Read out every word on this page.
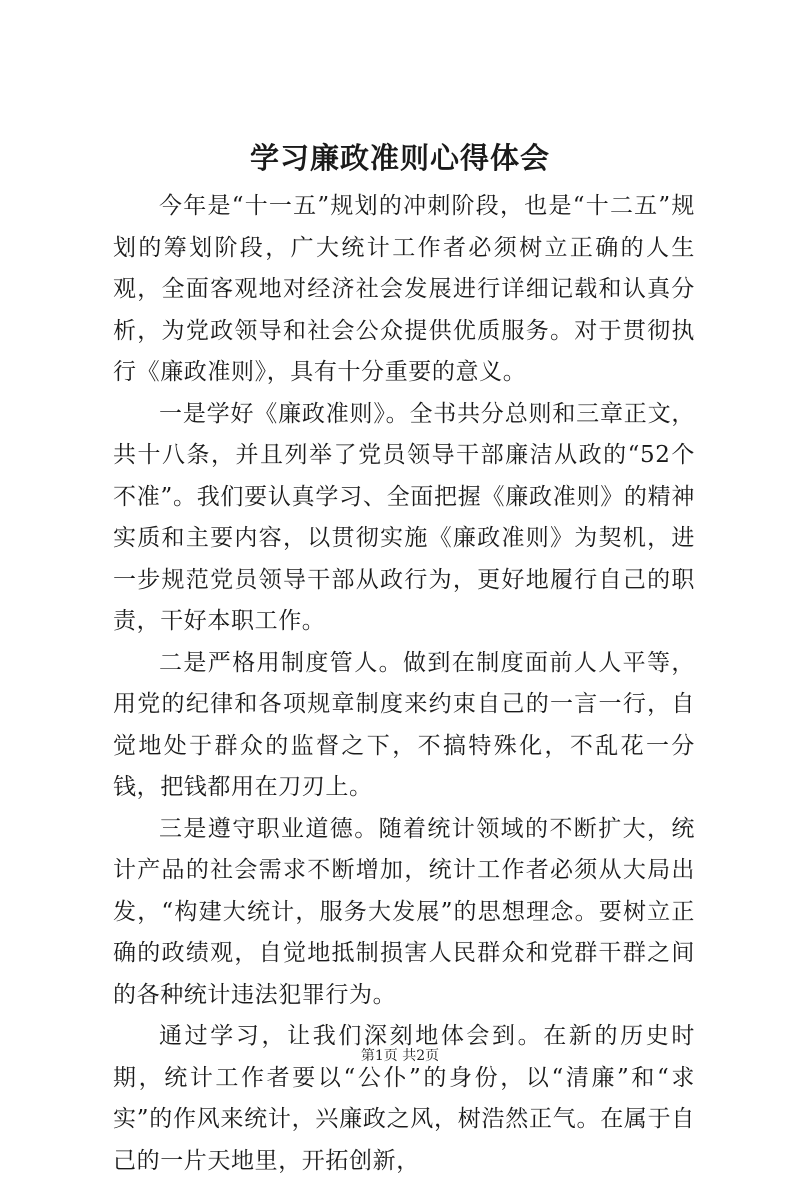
学习廉政准则心得体会

今年是“十一五”规划的冲刺阶段，也是“十二五”规划的筹划阶段，广大统计工作者必须树立正确的人生观，全面客观地对经济社会发展进行详细记载和认真分析，为党政领导和社会公众提供优质服务。对于贯彻执行《廉政准则》，具有十分重要的意义。

一是学好《廉政准则》。全书共分总则和三章正文，共十八条，并且列举了党员领导干部廉洁从政的“52个不准”。我们要认真学习、全面把握《廉政准则》的精神实质和主要内容，以贯彻实施《廉政准则》为契机，进一步规范党员领导干部从政行为，更好地履行自己的职责，干好本职工作。

二是严格用制度管人。做到在制度面前人人平等，用党的纪律和各项规章制度来约束自己的一言一行，自觉地处于群众的监督之下，不搞特殊化，不乱花一分钱，把钱都用在刀刃上。

三是遵守职业道德。随着统计领域的不断扩大，统计产品的社会需求不断增加，统计工作者必须从大局出发，“构建大统计，服务大发展”的思想理念。要树立正确的政绩观，自觉地抵制损害人民群众和党群干群之间的各种统计违法犯罪行为。

通过学习，让我们深刻地体会到。在新的历史时期，统计工作者要以“公仆”的身份，以“清廉”和“求实”的作风来统计，兴廉政之风，树浩然正气。在属于自己的一片天地里，开拓创新，

第1页 共2页
